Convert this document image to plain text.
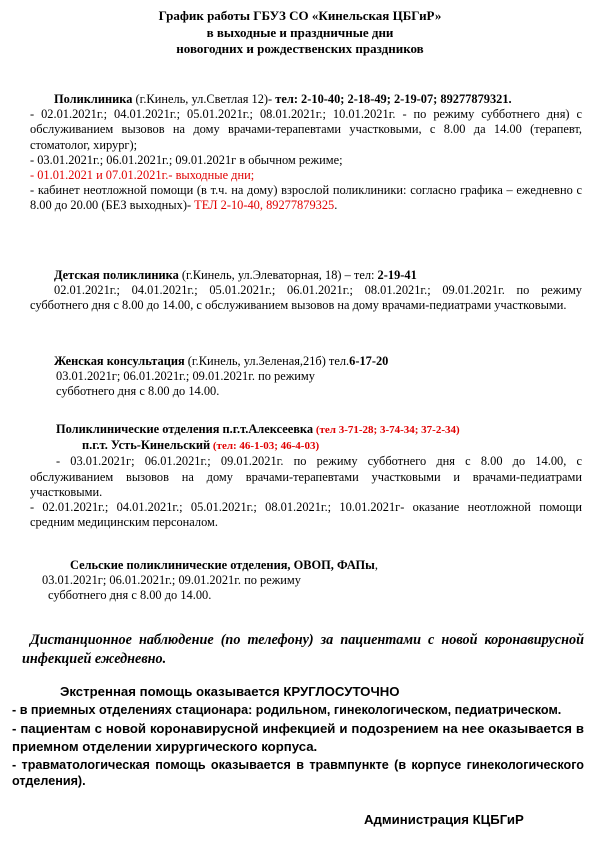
График работы ГБУЗ СО «Кинельская ЦБГиР»
в выходные и праздничные дни
новогодних и рождественских праздников
Поликлиника (г.Кинель, ул.Светлая 12)- тел: 2-10-40; 2-18-49; 2-19-07; 89277879321.
- 02.01.2021г.; 04.01.2021г.; 05.01.2021г.; 08.01.2021г.; 10.01.2021г. - по режиму субботнего дня) с обслуживанием вызовов на дому врачами-терапевтами участковыми, с 8.00 да 14.00 (терапевт, стоматолог, хирург);
- 03.01.2021г.; 06.01.2021г.; 09.01.2021г в обычном режиме;
- 01.01.2021 и 07.01.2021г.- выходные дни;
- кабинет неотложной помощи (в т.ч. на дому) взрослой поликлиники: согласно графика – ежедневно с 8.00 до 20.00 (БЕЗ выходных)- ТЕЛ 2-10-40, 89277879325.
Детская поликлиника (г.Кинель, ул.Элеваторная, 18) – тел: 2-19-41
02.01.2021г.; 04.01.2021г.; 05.01.2021г.; 06.01.2021г.; 08.01.2021г.; 09.01.2021г. по режиму субботнего дня с 8.00 до 14.00, с обслуживанием вызовов на дому врачами-педиатрами участковыми.
Женская консультация (г.Кинель, ул.Зеленая,21б) тел.6-17-20
03.01.2021г; 06.01.2021г.; 09.01.2021г. по режиму
субботнего дня с 8.00 до 14.00.
Поликлинические отделения п.г.т.Алексеевка (тел 3-71-28; 3-74-34; 37-2-34)
п.г.т. Усть-Кинельский (тел: 46-1-03; 46-4-03)
- 03.01.2021г; 06.01.2021г.; 09.01.2021г. по режиму субботнего дня с 8.00 до 14.00, с обслуживанием вызовов на дому врачами-терапевтами участковыми и врачами-педиатрами участковыми.
- 02.01.2021г.; 04.01.2021г.; 05.01.2021г.; 08.01.2021г.; 10.01.2021г- оказание неотложной помощи средним медицинским персоналом.
Сельские поликлинические отделения, ОВОП, ФАПы,
03.01.2021г; 06.01.2021г.; 09.01.2021г. по режиму
субботнего дня с 8.00 до 14.00.
Дистанционное наблюдение (по телефону) за пациентами с новой коронавирусной инфекцией ежедневно.
Экстренная помощь оказывается КРУГЛОСУТОЧНО
- в приемных отделениях стационара: родильном, гинекологическом, педиатрическом.
- пациентам с новой коронавирусной инфекцией и подозрением на нее оказывается в приемном отделении хирургического корпуса.
- травматологическая помощь оказывается в травмпункте (в корпусе гинекологического отделения).
Администрация КЦБГиР
